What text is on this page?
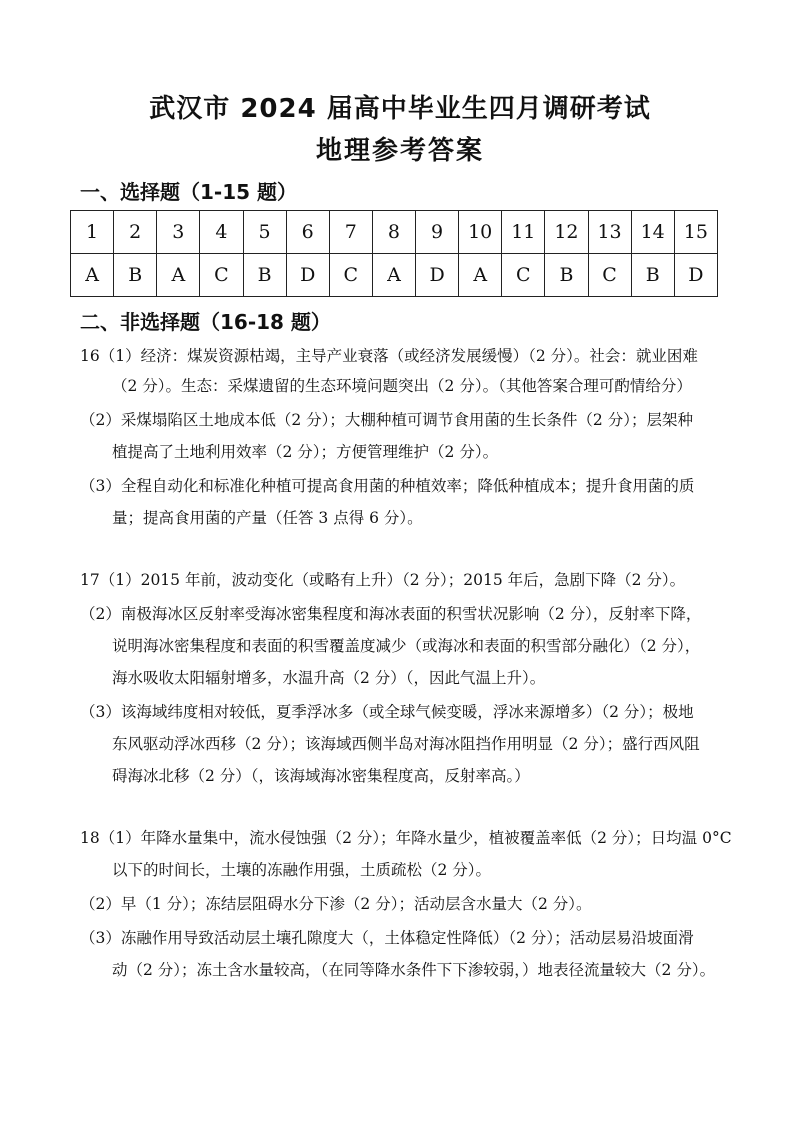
武汉市 2024 届高中毕业生四月调研考试
地理参考答案
一、选择题（1-15 题）
1	2	3	4	5	6	7	8	9	10	11	12	13	14	15
A	B	A	C	B	D	C	A	D	A	C	B	C	B	D
二、非选择题（16-18 题）
16（1）经济：煤炭资源枯竭，主导产业衰落（或经济发展缓慢）（2 分）。社会：就业困难
（2 分）。生态：采煤遗留的生态环境问题突出（2 分）。（其他答案合理可酌情给分）
（2）采煤塌陷区土地成本低（2 分）；大棚种植可调节食用菌的生长条件（2 分）；层架种
植提高了土地利用效率（2 分）；方便管理维护（2 分）。
（3）全程自动化和标准化种植可提高食用菌的种植效率；降低种植成本；提升食用菌的质
量；提高食用菌的产量（任答 3 点得 6 分）。
17（1）2015 年前，波动变化（或略有上升）（2 分）；2015 年后，急剧下降（2 分）。
（2）南极海冰区反射率受海冰密集程度和海冰表面的积雪状况影响（2 分），反射率下降，
说明海冰密集程度和表面的积雪覆盖度减少（或海冰和表面的积雪部分融化）（2 分），
海水吸收太阳辐射增多，水温升高（2 分）（，因此气温上升）。
（3）该海域纬度相对较低，夏季浮冰多（或全球气候变暖，浮冰来源增多）（2 分）；极地
东风驱动浮冰西移（2 分）；该海域西侧半岛对海冰阻挡作用明显（2 分）；盛行西风阻
碍海冰北移（2 分）（，该海域海冰密集程度高，反射率高。）
18（1）年降水量集中，流水侵蚀强（2 分）；年降水量少，植被覆盖率低（2 分）；日均温 0°C
以下的时间长，土壤的冻融作用强，土质疏松（2 分）。
（2）早（1 分）；冻结层阻碍水分下渗（2 分）；活动层含水量大（2 分）。
（3）冻融作用导致活动层土壤孔隙度大（，土体稳定性降低）（2 分）；活动层易沿坡面滑
动（2 分）；冻土含水量较高，（在同等降水条件下下渗较弱，）地表径流量较大（2 分）。
